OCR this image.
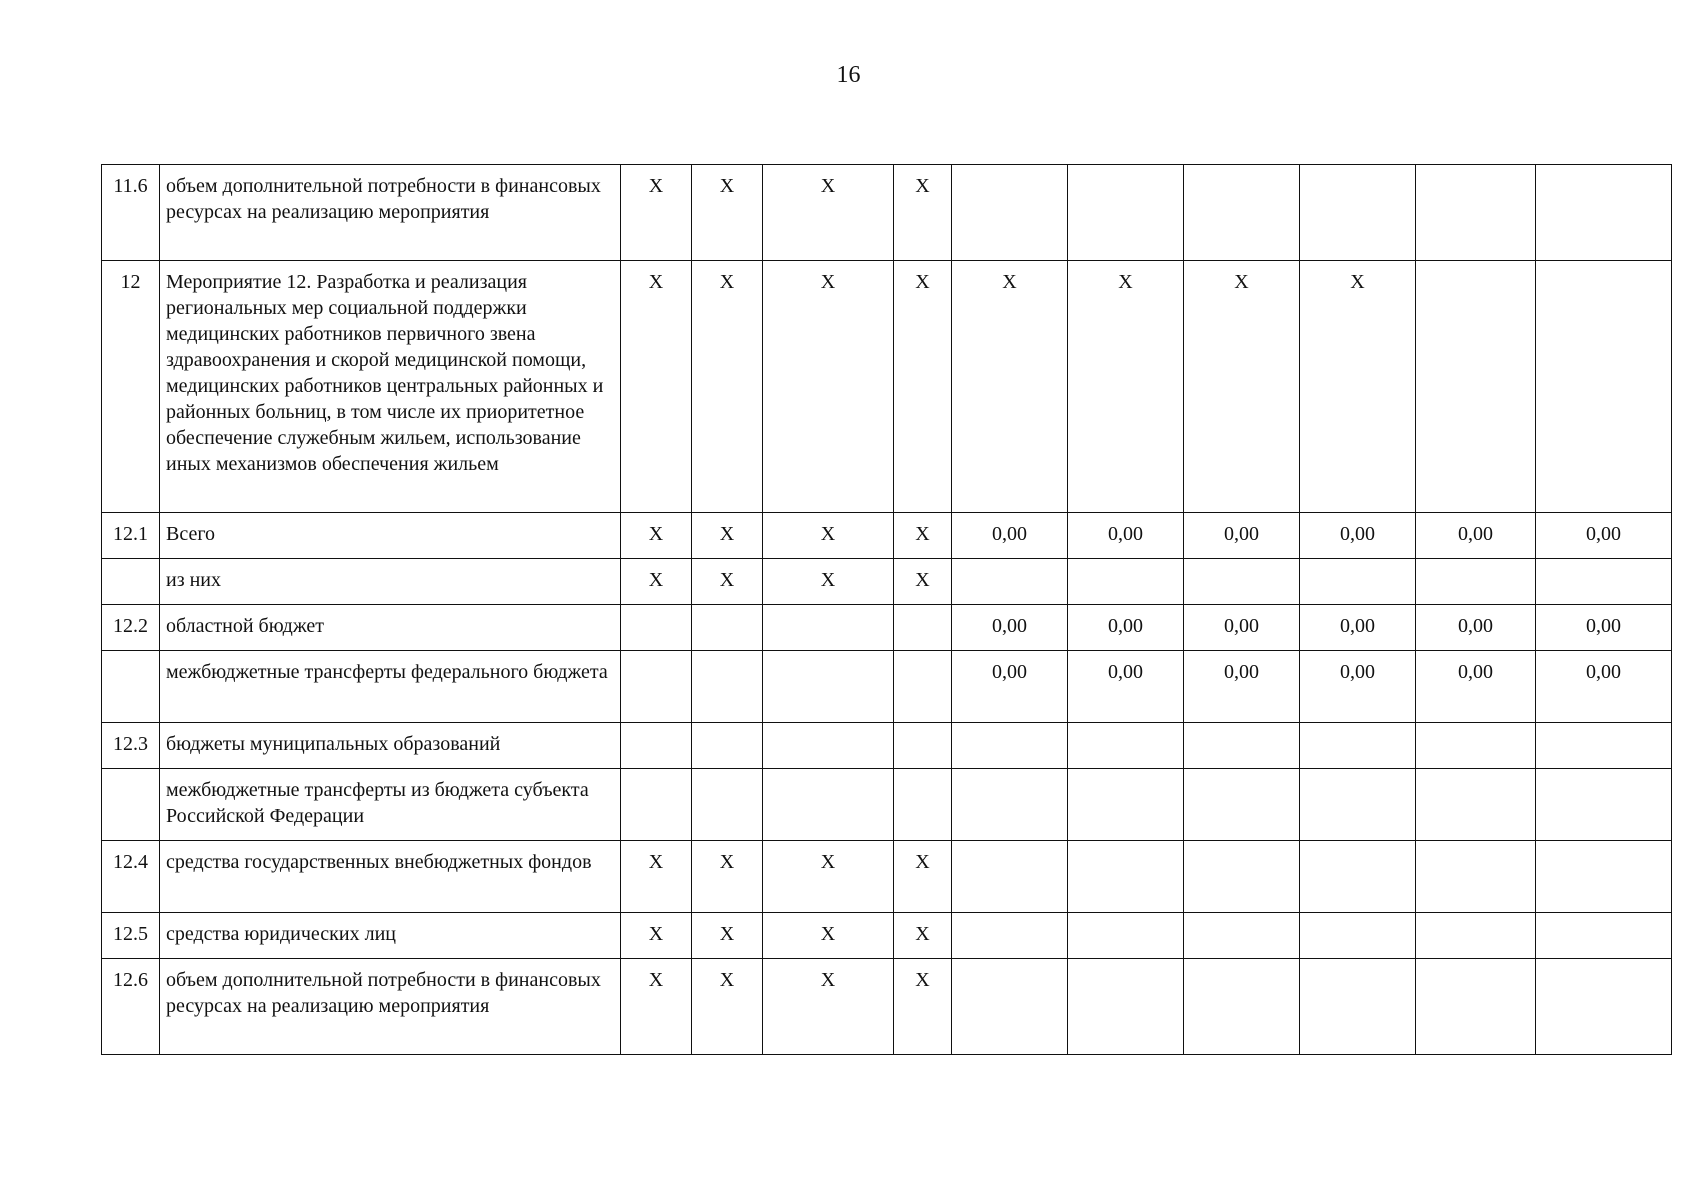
16
11.6	объем дополнительной потребности в финансовых ресурсах на реализацию мероприятия	X	X	X	X						
12	Мероприятие 12. Разработка и реализация региональных мер социальной поддержки медицинских работников первичного звена здравоохранения и скорой медицинской помощи, медицинских работников центральных районных и районных больниц, в том числе их приоритетное обеспечение служебным жильем, использование иных механизмов обеспечения жильем	X	X	X	X	X	X	X	X		
12.1	Всего	X	X	X	X	0,00	0,00	0,00	0,00	0,00	0,00
	из них	X	X	X	X						
12.2	областной бюджет					0,00	0,00	0,00	0,00	0,00	0,00
	межбюджетные трансферты федерального бюджета					0,00	0,00	0,00	0,00	0,00	0,00
12.3	бюджеты муниципальных образований										
	межбюджетные трансферты из бюджета субъекта Российской Федерации										
12.4	средства государственных внебюджетных фондов	X	X	X	X						
12.5	средства юридических лиц	X	X	X	X						
12.6	объем дополнительной потребности в финансовых ресурсах на реализацию мероприятия	X	X	X	X						
